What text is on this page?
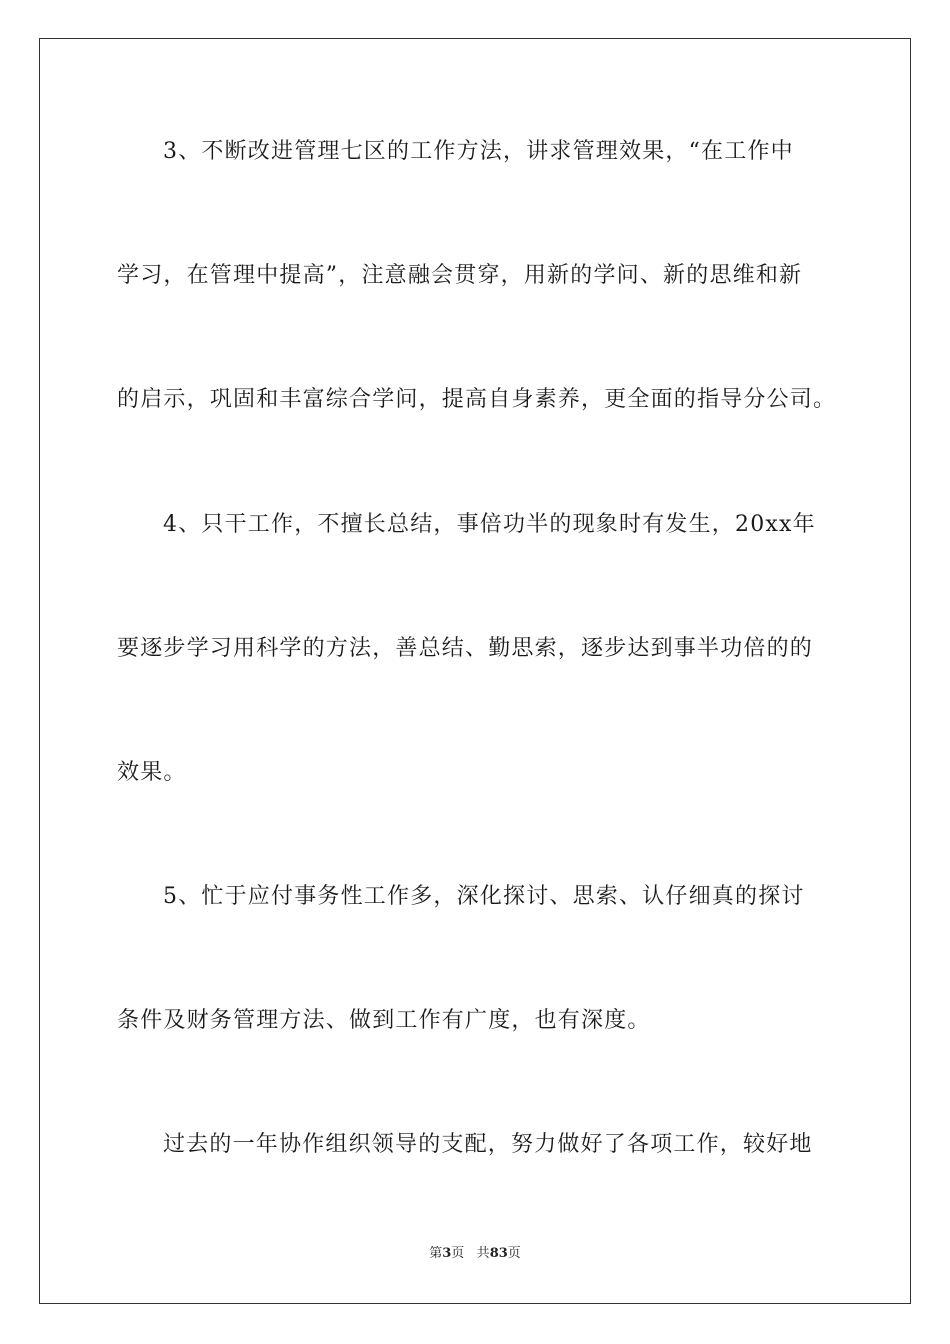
3、不断改进管理七区的工作方法，讲求管理效果，“在工作中
学习，在管理中提高”，注意融会贯穿，用新的学问、新的思维和新
的启示，巩固和丰富综合学问，提高自身素养，更全面的指导分公司。
4、只干工作，不擅长总结，事倍功半的现象时有发生，20xx年
要逐步学习用科学的方法，善总结、勤思索，逐步达到事半功倍的的
效果。
5、忙于应付事务性工作多，深化探讨、思索、认仔细真的探讨
条件及财务管理方法、做到工作有广度，也有深度。
过去的一年协作组织领导的支配，努力做好了各项工作，较好地
第3页 共83页
